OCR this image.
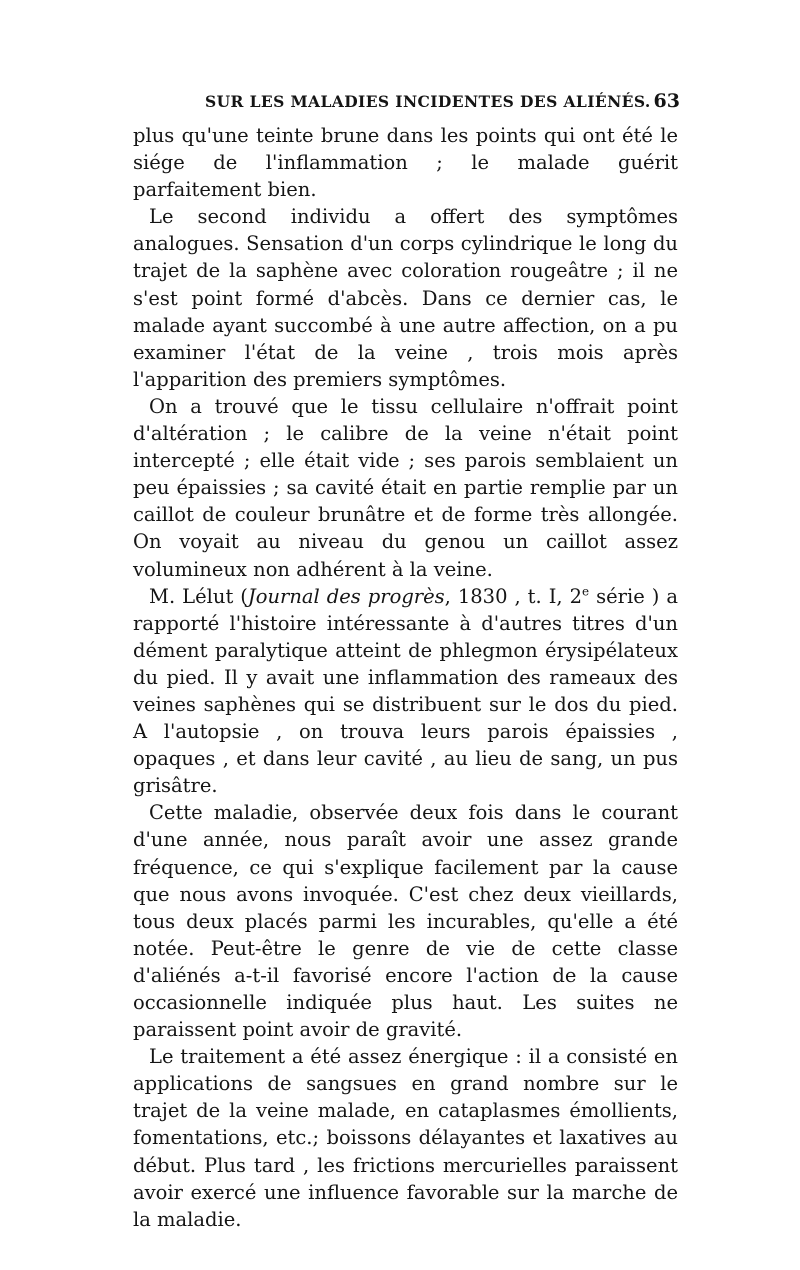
SUR LES MALADIES INCIDENTES DES ALIÉNÉS. 63

plus qu'une teinte brune dans les points qui ont été le siége de l'inflammation ; le malade guérit parfaitement bien.

Le second individu a offert des symptômes analogues. Sensation d'un corps cylindrique le long du trajet de la saphène avec coloration rougeâtre ; il ne s'est point formé d'abcès. Dans ce dernier cas, le malade ayant succombé à une autre affection, on a pu examiner l'état de la veine , trois mois après l'apparition des premiers symptômes.

On a trouvé que le tissu cellulaire n'offrait point d'altération ; le calibre de la veine n'était point intercepté ; elle était vide ; ses parois semblaient un peu épaissies ; sa cavité était en partie remplie par un caillot de couleur brunâtre et de forme très allongée. On voyait au niveau du genou un caillot assez volumineux non adhérent à la veine.

M. Lélut (Journal des progrès, 1830 , t. I, 2e série ) a rapporté l'histoire intéressante à d'autres titres d'un dément paralytique atteint de phlegmon érysipélateux du pied. Il y avait une inflammation des rameaux des veines saphènes qui se distribuent sur le dos du pied. A l'autopsie , on trouva leurs parois épaissies , opaques , et dans leur cavité , au lieu de sang, un pus grisâtre.

Cette maladie, observée deux fois dans le courant d'une année, nous paraît avoir une assez grande fréquence, ce qui s'explique facilement par la cause que nous avons invoquée. C'est chez deux vieillards, tous deux placés parmi les incurables, qu'elle a été notée. Peut-être le genre de vie de cette classe d'aliénés a-t-il favorisé encore l'action de la cause occasionnelle indiquée plus haut. Les suites ne paraissent point avoir de gravité.

Le traitement a été assez énergique : il a consisté en applications de sangsues en grand nombre sur le trajet de la veine malade, en cataplasmes émollients, fomentations, etc.; boissons délayantes et laxatives au début. Plus tard , les frictions mercurielles paraissent avoir exercé une influence favorable sur la marche de la maladie.
